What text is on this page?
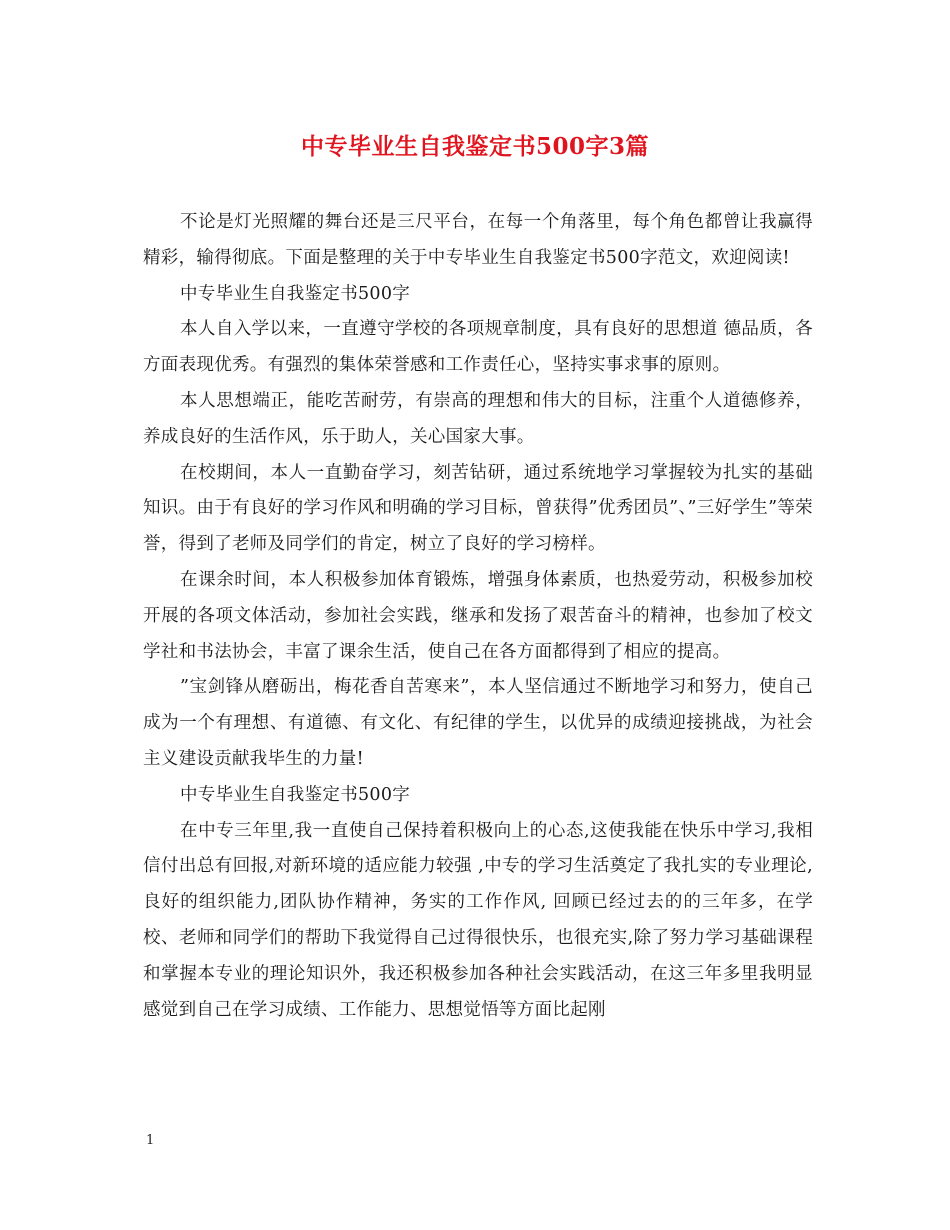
中专毕业生自我鉴定书500字3篇

不论是灯光照耀的舞台还是三尺平台，在每一个角落里，每个角色都曾让我赢得精彩，输得彻底。下面是整理的关于中专毕业生自我鉴定书500字范文，欢迎阅读!

中专毕业生自我鉴定书500字

本人自入学以来，一直遵守学校的各项规章制度，具有良好的思想道 德品质，各方面表现优秀。有强烈的集体荣誉感和工作责任心，坚持实事求事的原则。

本人思想端正，能吃苦耐劳，有崇高的理想和伟大的目标，注重个人道德修养，养成良好的生活作风，乐于助人，关心国家大事。

在校期间，本人一直勤奋学习，刻苦钻研，通过系统地学习掌握较为扎实的基础知识。由于有良好的学习作风和明确的学习目标，曾获得”优秀团员”、”三好学生”等荣誉，得到了老师及同学们的肯定，树立了良好的学习榜样。

在课余时间，本人积极参加体育锻炼，增强身体素质，也热爱劳动，积极参加校开展的各项文体活动，参加社会实践，继承和发扬了艰苦奋斗的精神，也参加了校文学社和书法协会，丰富了课余生活，使自己在各方面都得到了相应的提高。

”宝剑锋从磨砺出，梅花香自苦寒来”，本人坚信通过不断地学习和努力，使自己成为一个有理想、有道德、有文化、有纪律的学生，以优异的成绩迎接挑战，为社会主义建设贡献我毕生的力量!

中专毕业生自我鉴定书500字

在中专三年里,我一直使自己保持着积极向上的心态,这使我能在快乐中学习,我相信付出总有回报,对新环境的适应能力较强 ,中专的学习生活奠定了我扎实的专业理论,良好的组织能力,团队协作精神，务实的工作作风, 回顾已经过去的的三年多，在学校、老师和同学们的帮助下我觉得自己过得很快乐，也很充实,除了努力学习基础课程和掌握本专业的理论知识外，我还积极参加各种社会实践活动，在这三年多里我明显感觉到自己在学习成绩、工作能力、思想觉悟等方面比起刚

1
